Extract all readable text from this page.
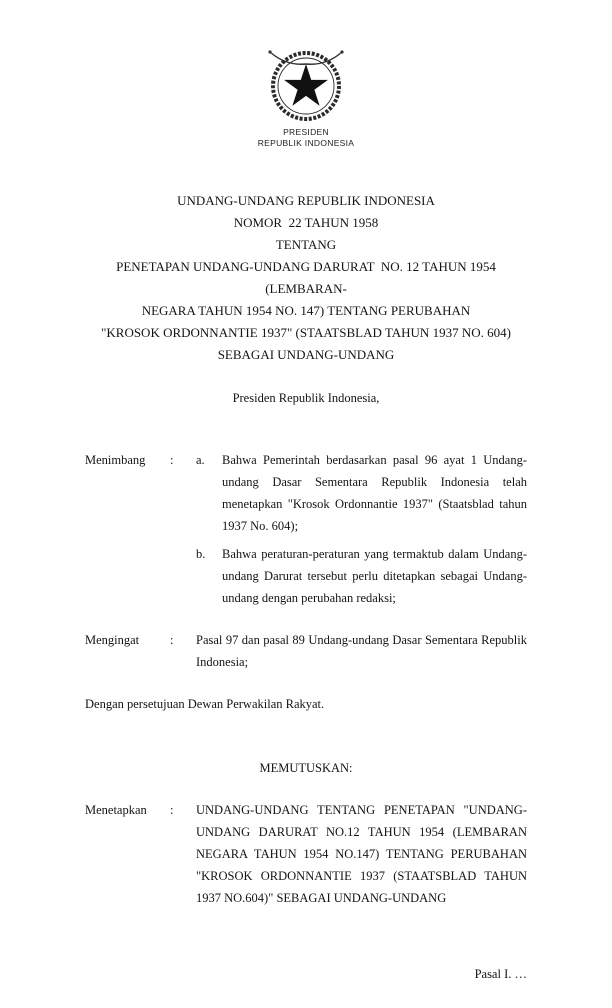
PRESIDEN
REPUBLIK INDONESIA
UNDANG-UNDANG REPUBLIK INDONESIA
NOMOR  22 TAHUN 1958
TENTANG
PENETAPAN UNDANG-UNDANG DARURAT  NO. 12 TAHUN 1954 (LEMBARAN-
NEGARA TAHUN 1954 NO. 147) TENTANG PERUBAHAN
"KROSOK ORDONNANTIE 1937" (STAATSBLAD TAHUN 1937 NO. 604)
SEBAGAI UNDANG-UNDANG
Presiden Republik Indonesia,
Menimbang	:	a.	Bahwa Pemerintah berdasarkan pasal 96 ayat 1 Undang-undang Dasar Sementara Republik Indonesia telah menetapkan "Krosok Ordonnantie 1937" (Staatsblad tahun 1937 No. 604);
b.	Bahwa peraturan-peraturan yang termaktub dalam Undang-undang Darurat tersebut perlu ditetapkan sebagai Undang-undang dengan perubahan redaksi;
Mengingat	:	Pasal 97 dan pasal 89 Undang-undang Dasar Sementara Republik Indonesia;
Dengan persetujuan Dewan Perwakilan Rakyat.
MEMUTUSKAN:
Menetapkan	:	UNDANG-UNDANG TENTANG PENETAPAN "UNDANG-UNDANG DARURAT NO.12 TAHUN 1954 (LEMBARAN NEGARA TAHUN 1954 NO.147) TENTANG PERUBAHAN "KROSOK ORDONNANTIE 1937 (STAATSBLAD TAHUN 1937 NO.604)" SEBAGAI UNDANG-UNDANG
Pasal I. …
